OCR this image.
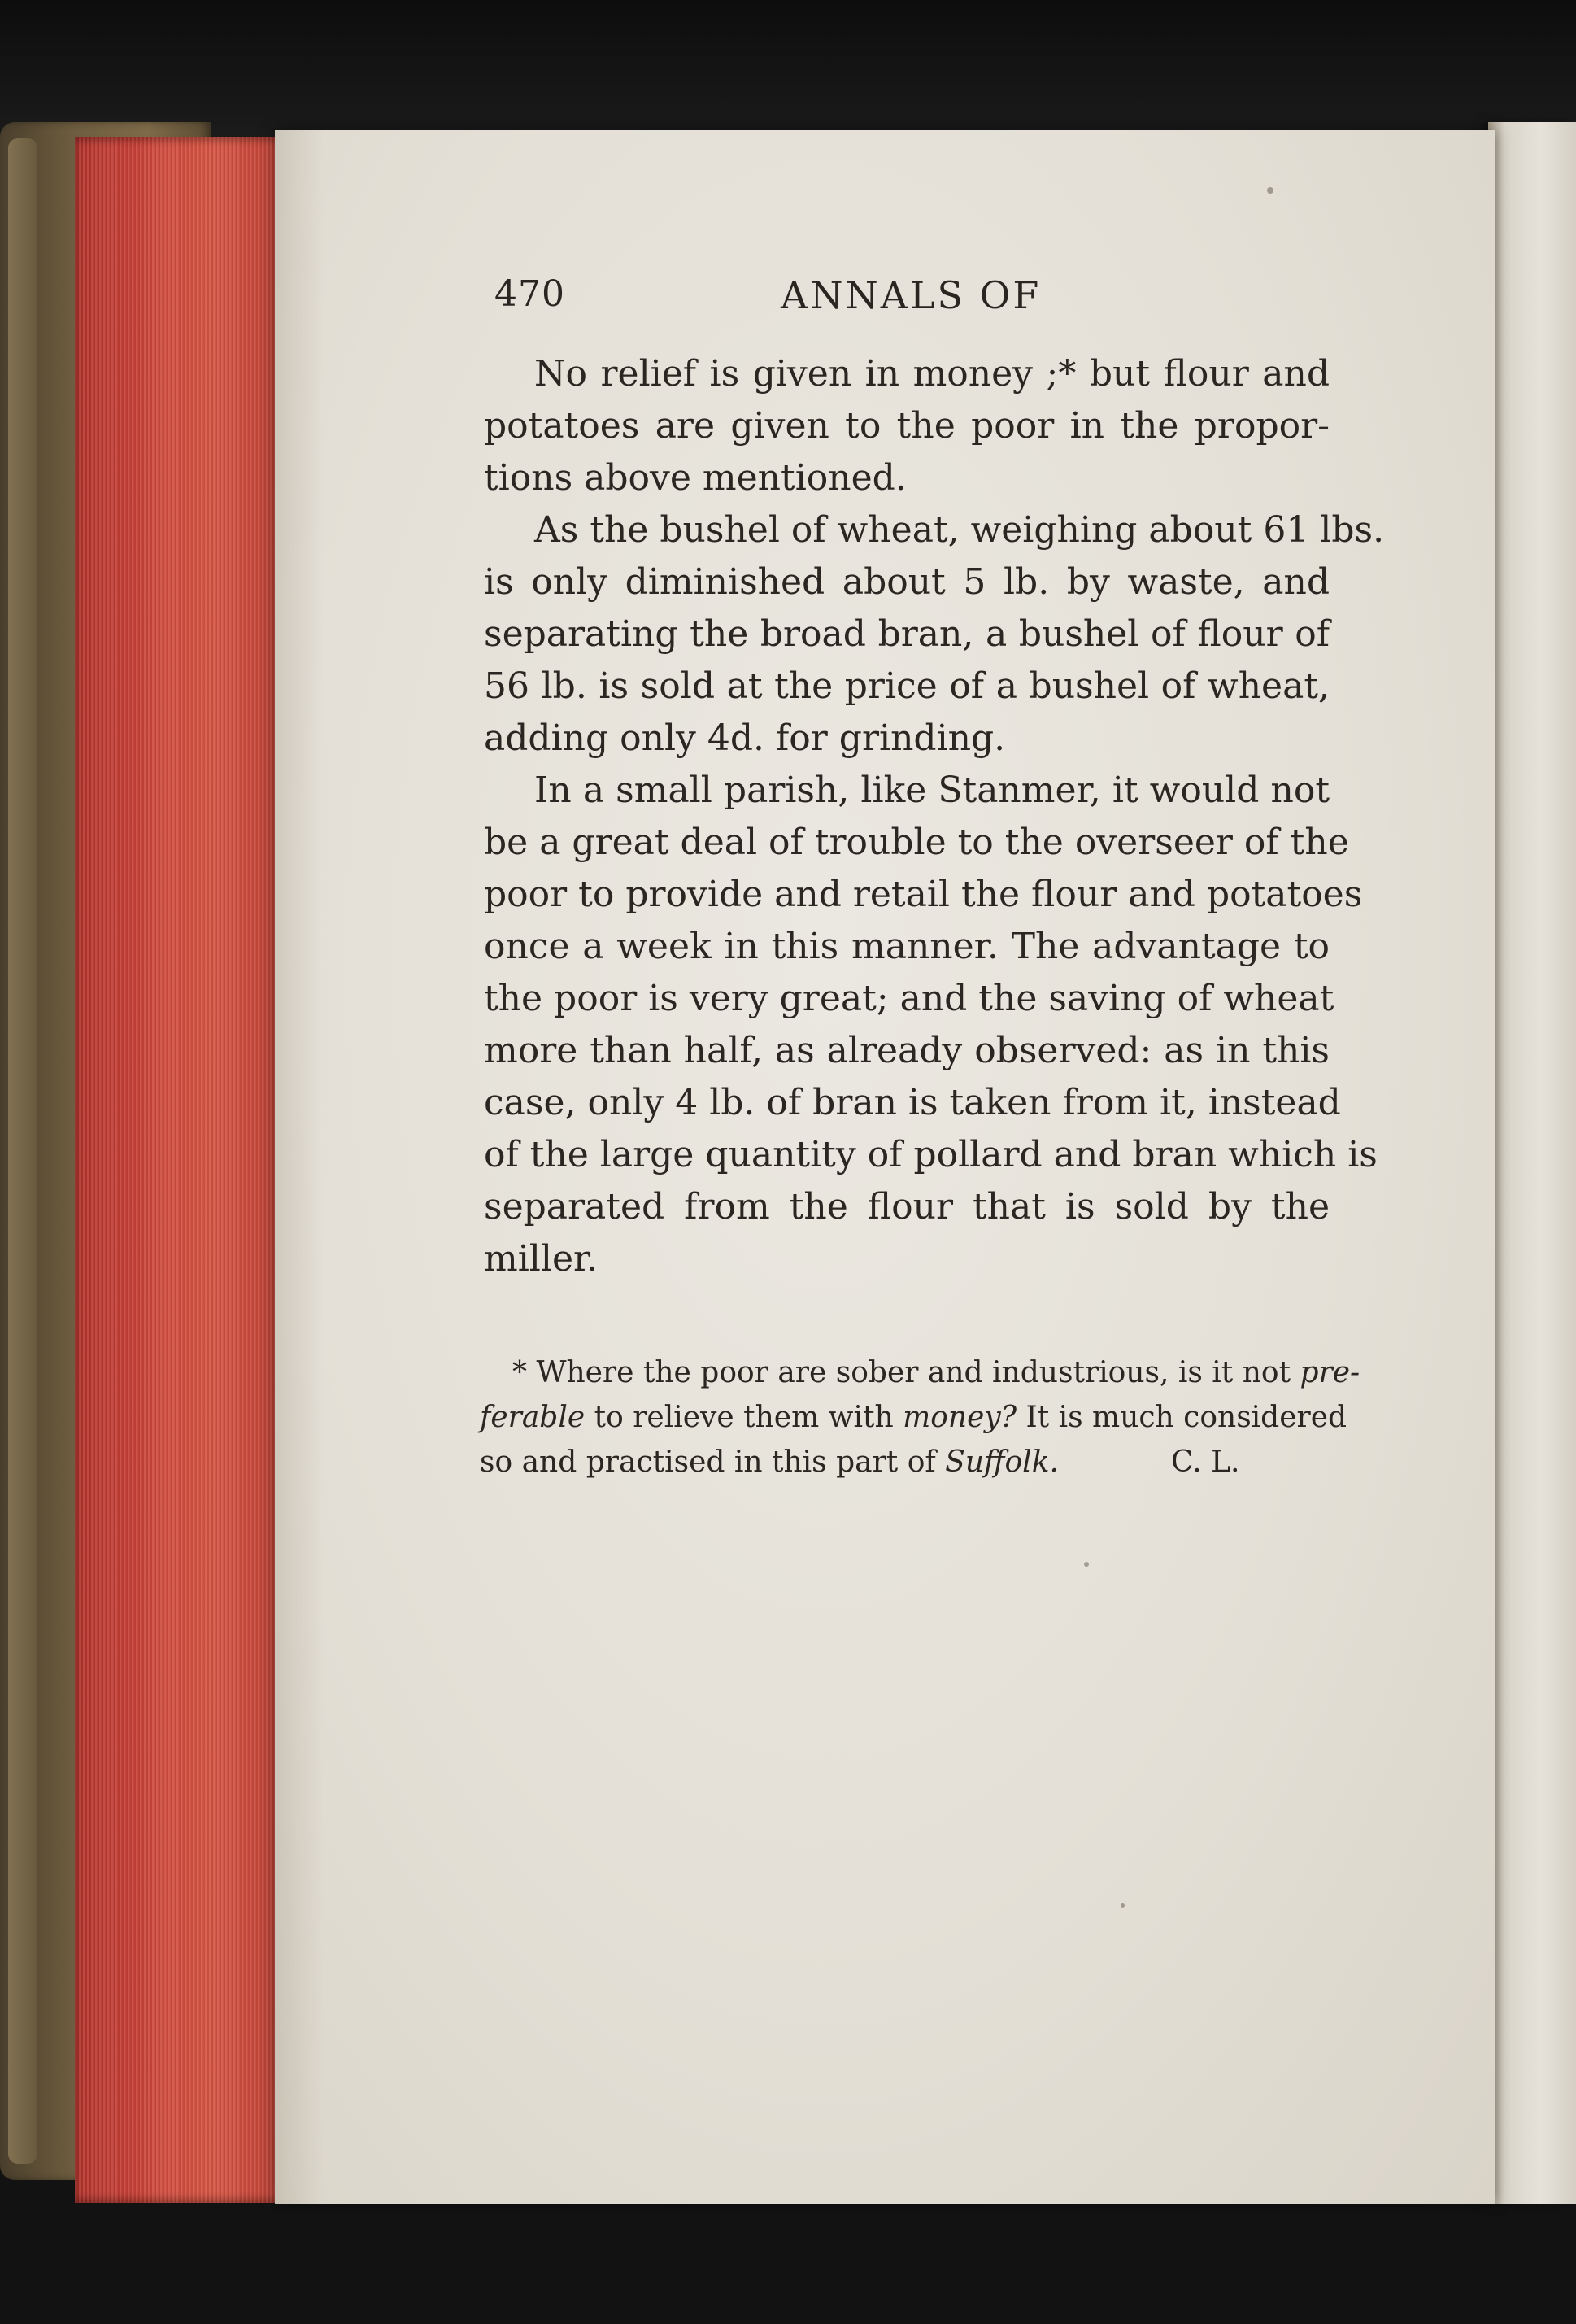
470	ANNALS OF
No relief is given in money ;* but flour and
potatoes are given to the poor in the propor-
tions above mentioned.
As the bushel of wheat, weighing about 61 lbs.
is only diminished about 5 lb. by waste, and
separating the broad bran, a bushel of flour of
56 lb. is sold at the price of a bushel of wheat,
adding only 4d. for grinding.
In a small parish, like Stanmer, it would not
be a great deal of trouble to the overseer of the
poor to provide and retail the flour and potatoes
once a week in this manner. The advantage to
the poor is very great; and the saving of wheat
more than half, as already observed: as in this
case, only 4 lb. of bran is taken from it, instead
of the large quantity of pollard and bran which is
separated from the flour that is sold by the
miller.
* Where the poor are sober and industrious, is it not pre-
ferable to relieve them with money? It is much considered
so and practised in this part of Suffolk.	C. L.
